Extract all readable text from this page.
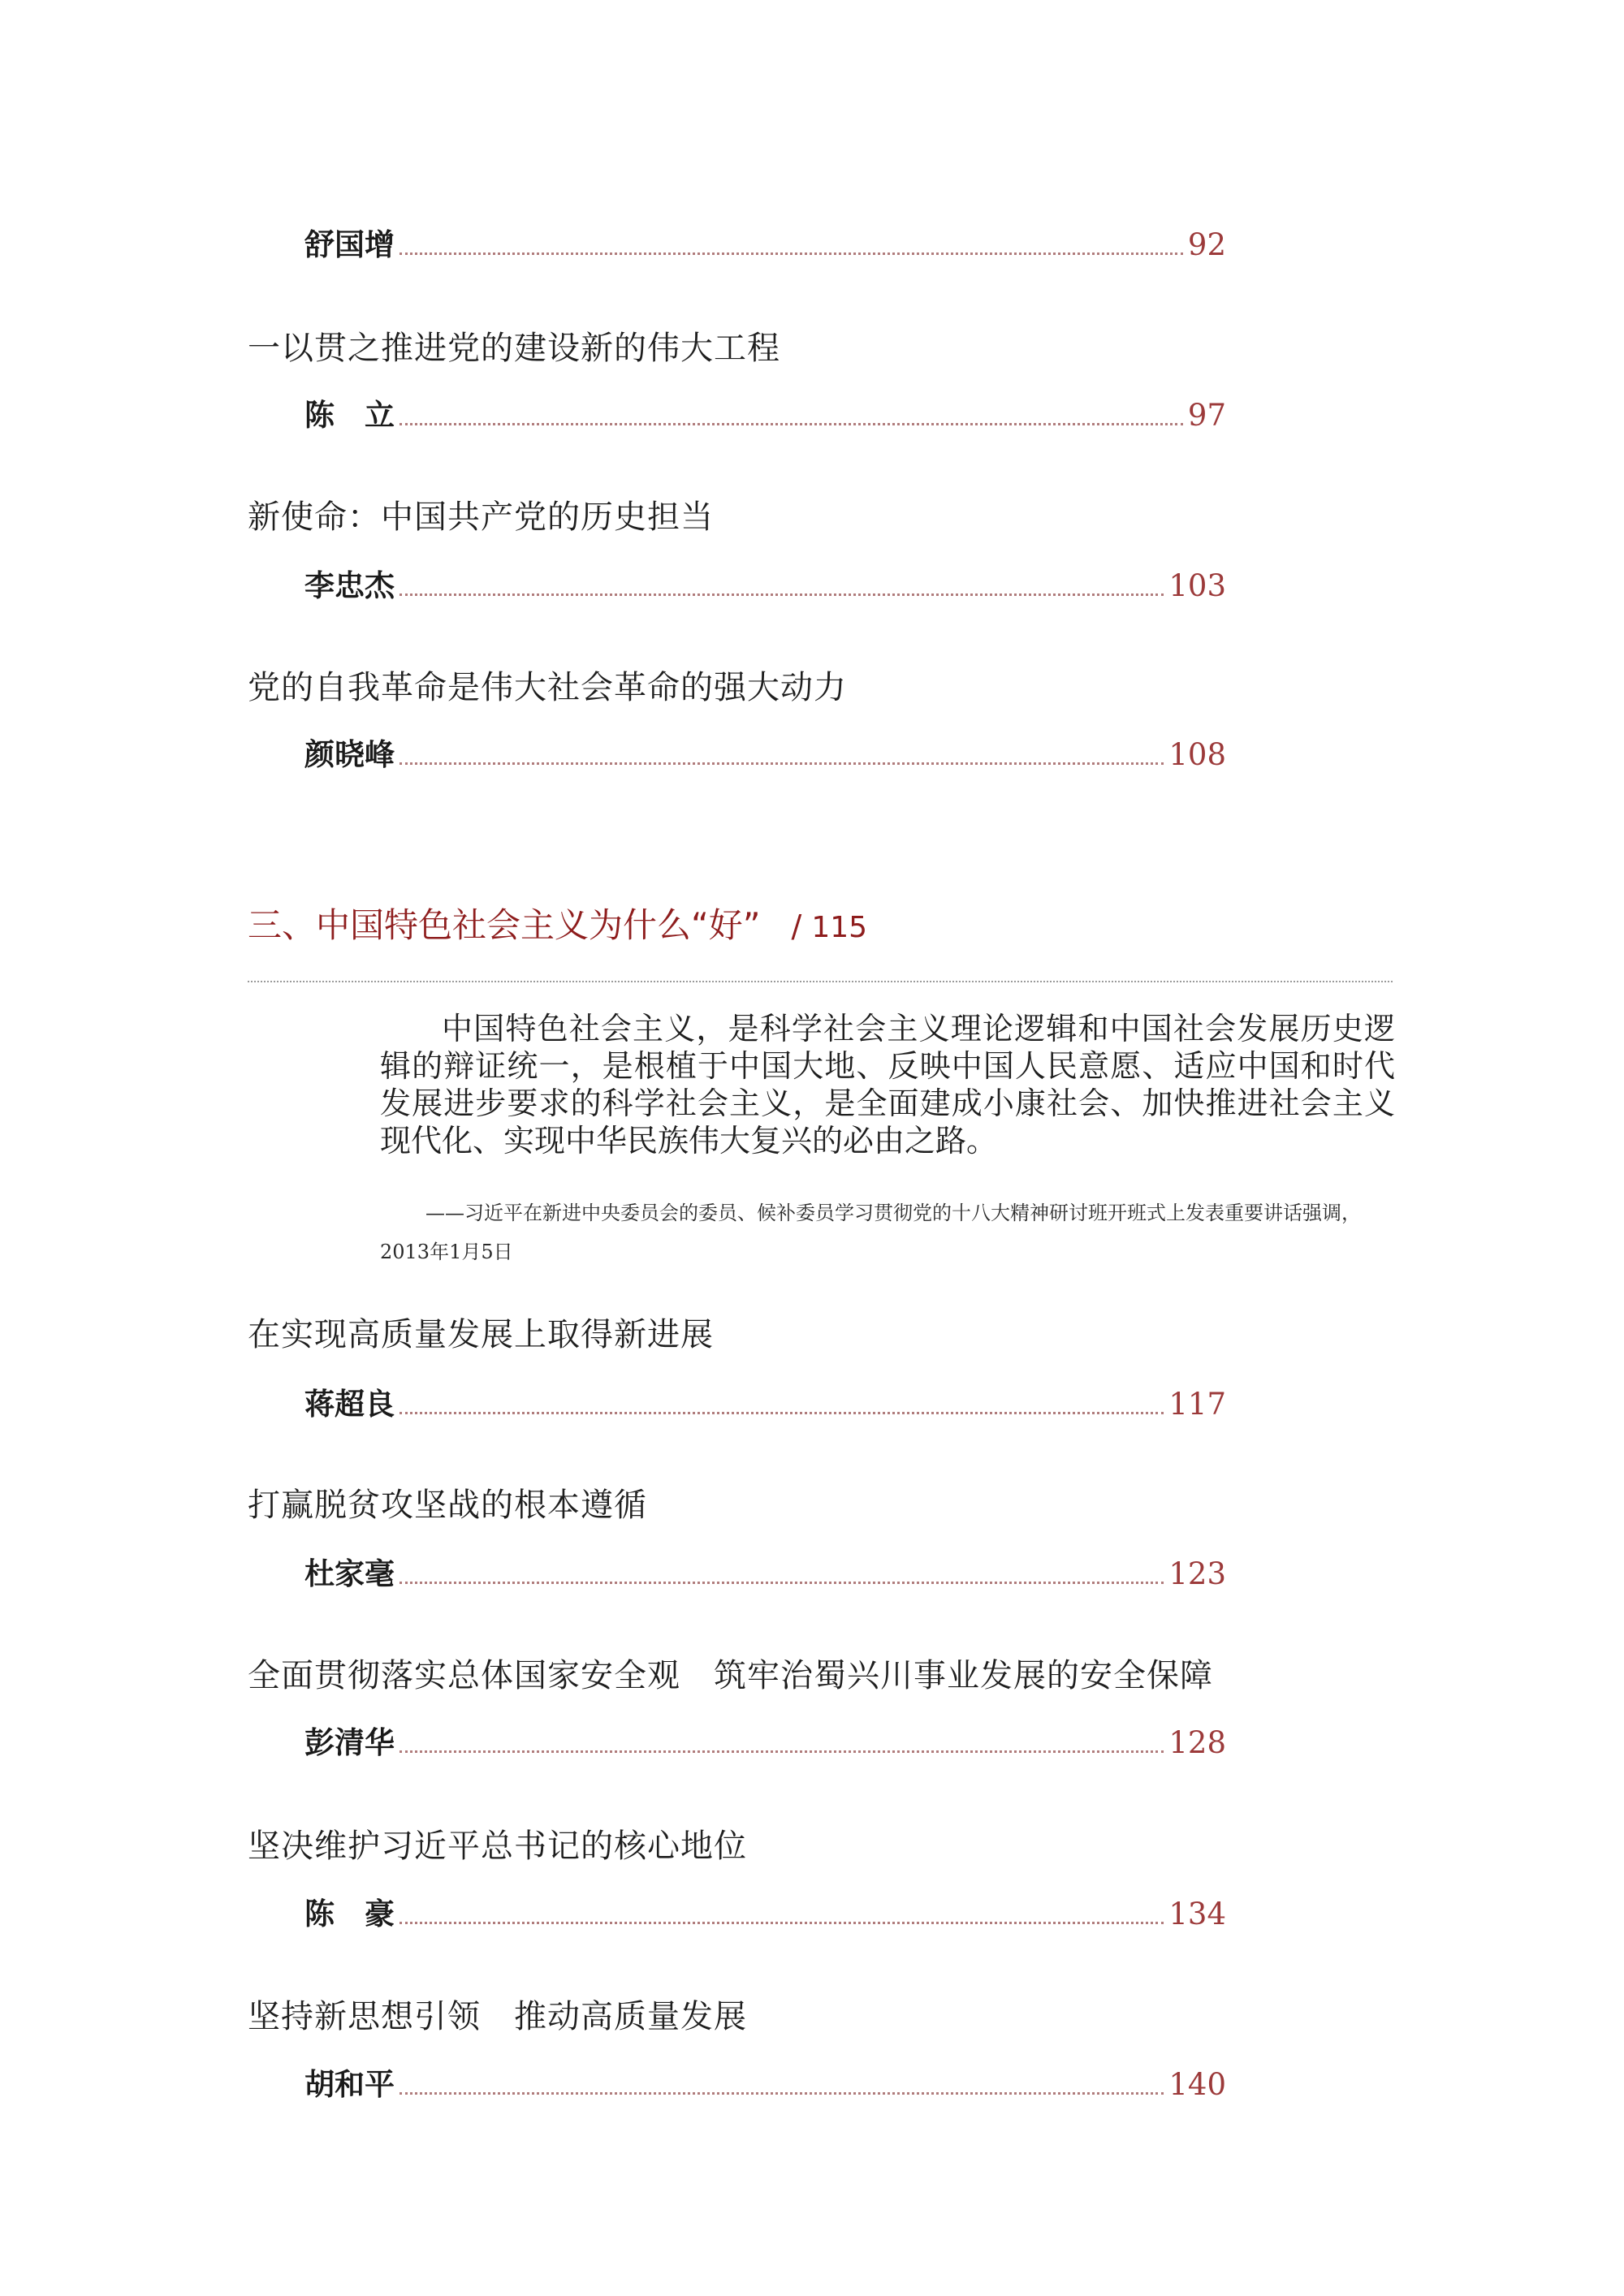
舒国增	92
一以贯之推进党的建设新的伟大工程
陈　立	97
新使命：中国共产党的历史担当
李忠杰	103
党的自我革命是伟大社会革命的强大动力
颜晓峰	108
三、中国特色社会主义为什么“好” / 115
中国特色社会主义，是科学社会主义理论逻辑和中国社会发展历史逻辑的辩证统一，是根植于中国大地、反映中国人民意愿、适应中国和时代发展进步要求的科学社会主义，是全面建成小康社会、加快推进社会主义现代化、实现中华民族伟大复兴的必由之路。
——习近平在新进中央委员会的委员、候补委员学习贯彻党的十八大精神研讨班开班式上发表重要讲话强调，2013年1月5日
在实现高质量发展上取得新进展
蒋超良	117
打赢脱贫攻坚战的根本遵循
杜家毫	123
全面贯彻落实总体国家安全观　筑牢治蜀兴川事业发展的安全保障
彭清华	128
坚决维护习近平总书记的核心地位
陈　豪	134
坚持新思想引领　推动高质量发展
胡和平	140
